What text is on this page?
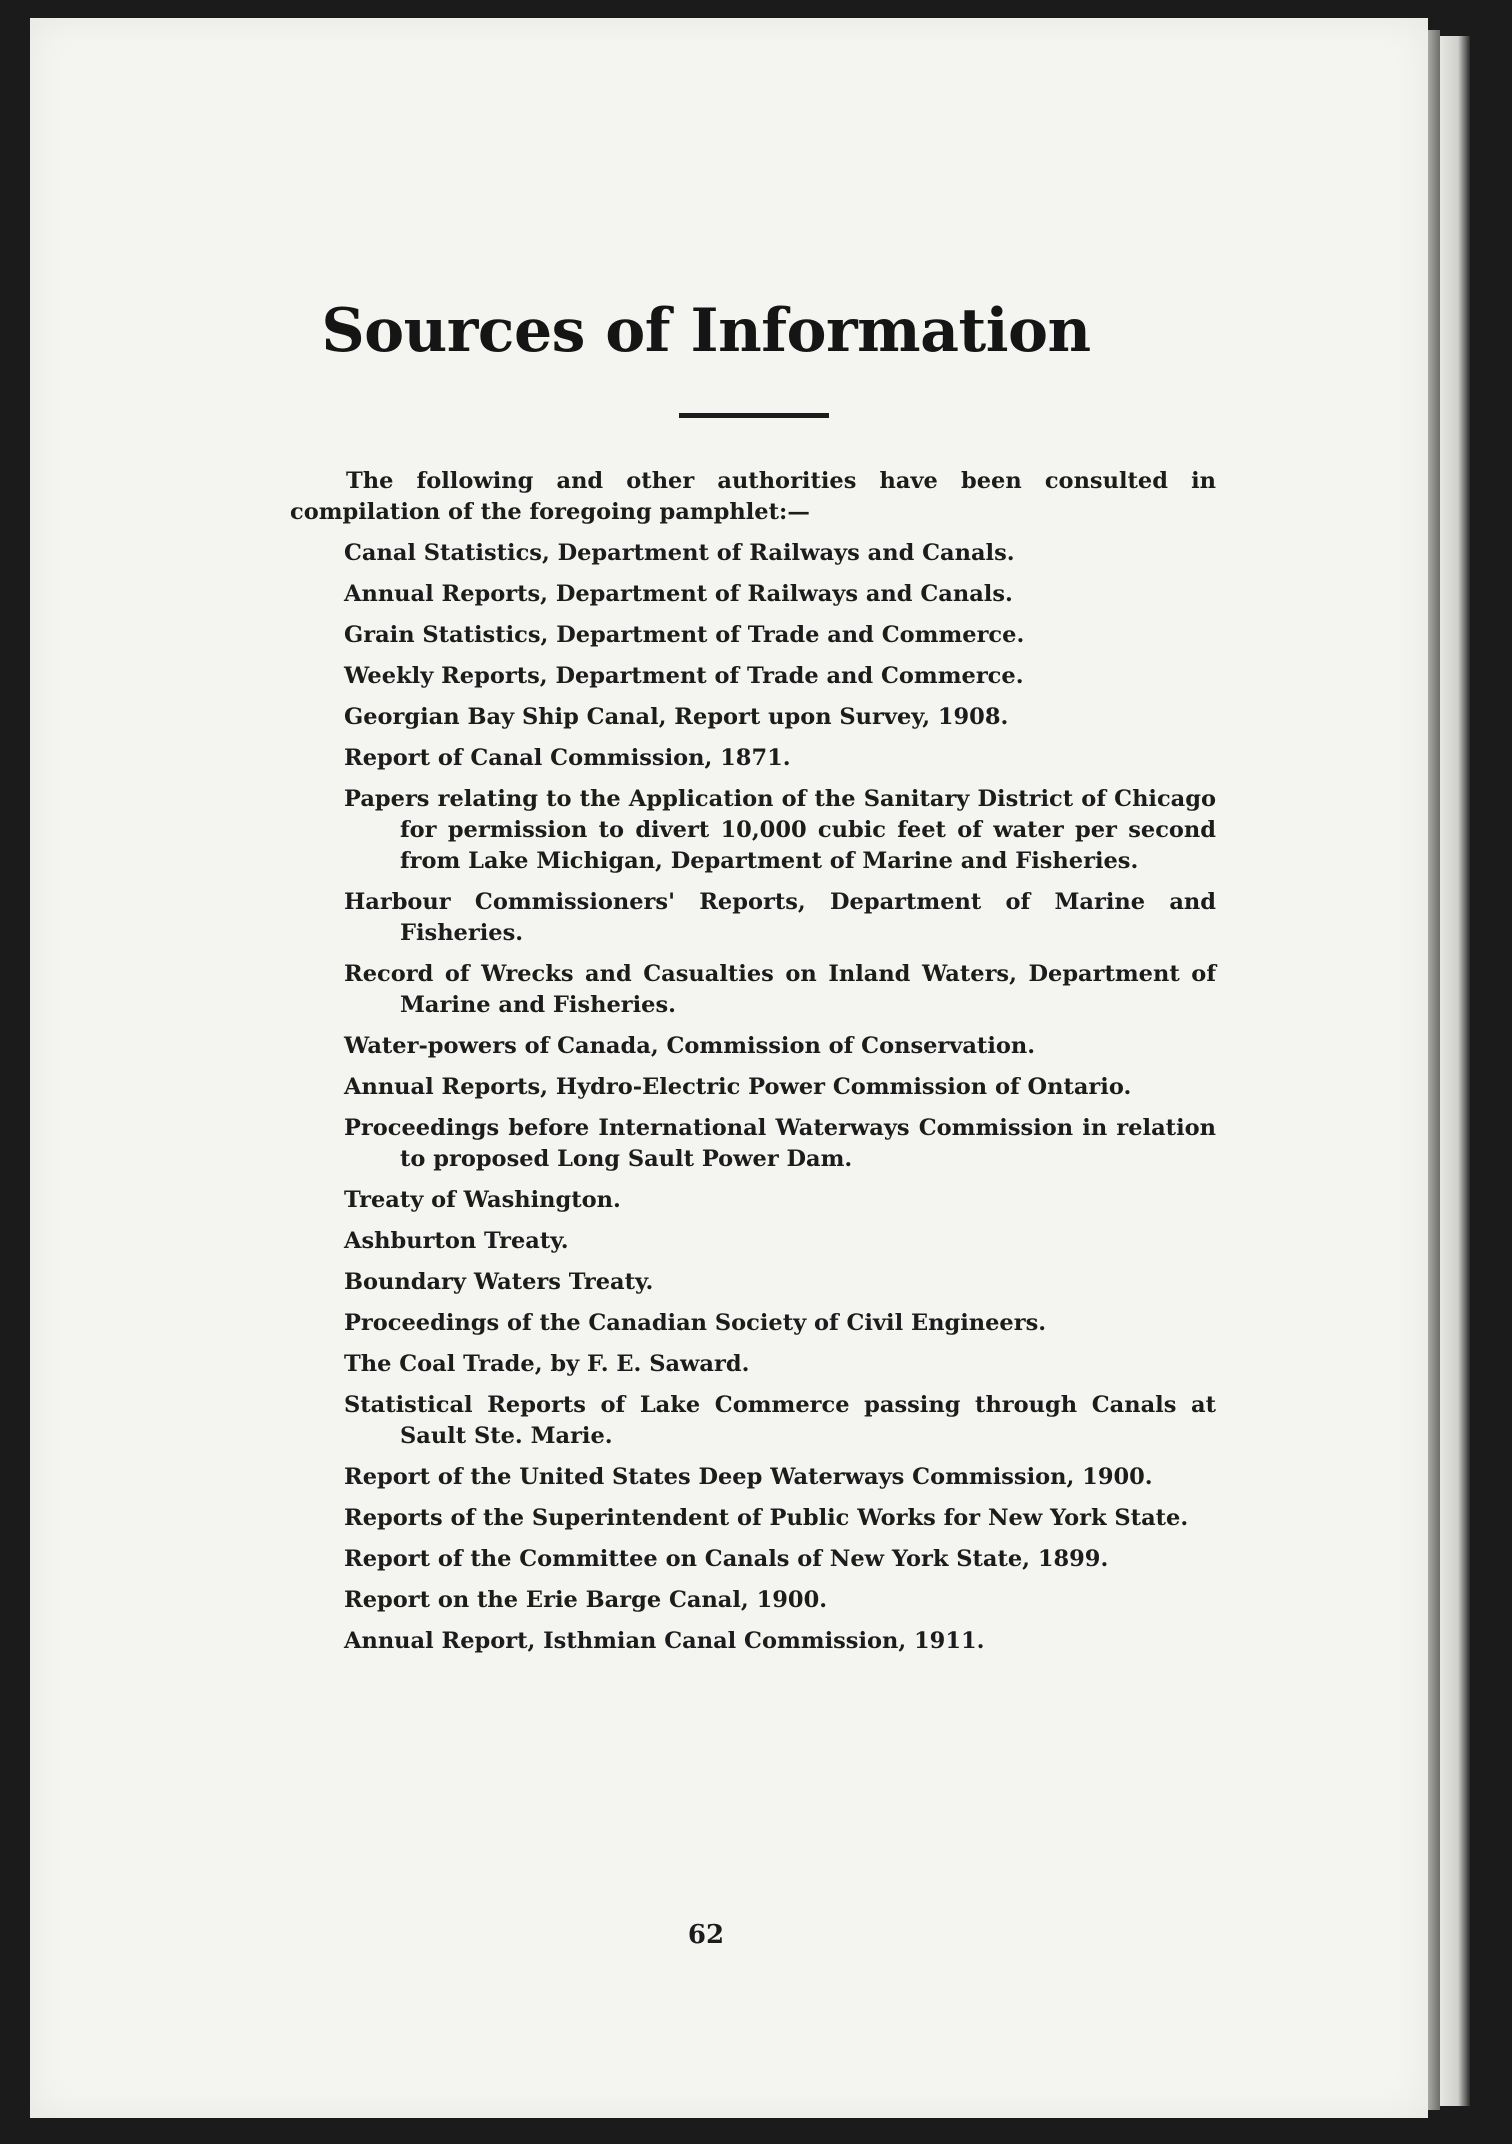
Sources of Information

The following and other authorities have been consulted in compilation of the foregoing pamphlet:—

Canal Statistics, Department of Railways and Canals.
Annual Reports, Department of Railways and Canals.
Grain Statistics, Department of Trade and Commerce.
Weekly Reports, Department of Trade and Commerce.
Georgian Bay Ship Canal, Report upon Survey, 1908.
Report of Canal Commission, 1871.
Papers relating to the Application of the Sanitary District of Chicago for permission to divert 10,000 cubic feet of water per second from Lake Michigan, Department of Marine and Fisheries.
Harbour Commissioners' Reports, Department of Marine and Fisheries.
Record of Wrecks and Casualties on Inland Waters, Department of Marine and Fisheries.
Water-powers of Canada, Commission of Conservation.
Annual Reports, Hydro-Electric Power Commission of Ontario.
Proceedings before International Waterways Commission in relation to proposed Long Sault Power Dam.
Treaty of Washington.
Ashburton Treaty.
Boundary Waters Treaty.
Proceedings of the Canadian Society of Civil Engineers.
The Coal Trade, by F. E. Saward.
Statistical Reports of Lake Commerce passing through Canals at Sault Ste. Marie.
Report of the United States Deep Waterways Commission, 1900.
Reports of the Superintendent of Public Works for New York State.
Report of the Committee on Canals of New York State, 1899.
Report on the Erie Barge Canal, 1900.
Annual Report, Isthmian Canal Commission, 1911.
62
